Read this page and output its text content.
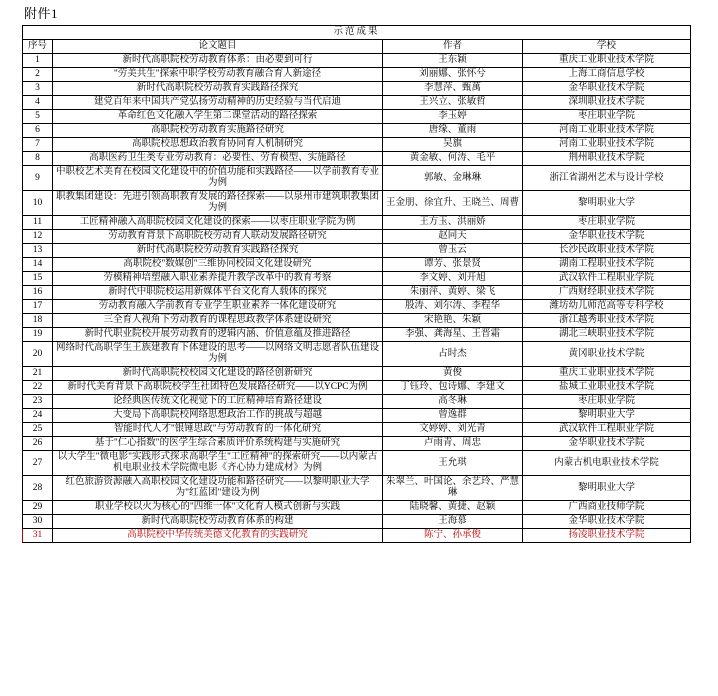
附件1
示范成果			
序号	论文题目	作者	学校
1	新时代高职院校劳动教育体系：由必要到可行	王东颖	重庆工业职业技术学院
2	"劳美共生"探索中职学校劳动教育融合育人新途径	刘丽娜、张怀兮	上海工商信息学校
3	新时代高职院校劳动教育实践路径探究	李慧萍、甄萬	金华职业技术学院
4	建党百年来中国共产党弘扬劳动精神的历史经验与当代启迪	王兴立、张敏哲	深圳职业技术学院
5	革命红色文化融入学生第二课堂活动的路径探索	李玉婷	枣庄职业学院
6	高职院校劳动教育实施路径研究	唐缘、董雨	河南工业职业技术学院
7	高职院校思想政治教育协同育人机制研究	吴旗	河南工业职业技术学院
8	高职医药卫生类专业劳动教育：必要性、劳育模型、实施路径	黄金敏、何涛、毛平	荆州职业技术学院
9	中职校艺术美育在校园文化建设中的价值功能和实践路径——以学前教育专业为例	郭敏、金琳琳	浙江省湖州艺术与设计学校
10	职教集团建设：先进引领高职教育发展的路径探索——以泉州市建筑职教集团为例	王金朋、徐宜升、王晓兰、周曹	黎明职业大学
11	工匠精神融入高职院校园文化建设的探索——以枣庄职业学院为例	王方玉、洪丽娇	枣庄职业学院
12	劳动教育背景下高职院校劳动育人联动发展路径研究	赵同天	金华职业技术学院
13	新时代高职院校劳动教育实践路径探究	曾玉云	长沙民政职业技术学院
14	高职院校"数媒创"三维协同校园文化建设研究	谭芳、张景贤	湖南工程职业技术学院
15	劳模精神培塑融入职业素养提升教学改革中的教育考察	李文婷、刘开旭	武汉软件工程职业学院
16	新时代中职院校运用新媒体平台文化育人载体的探究	朱丽萍、黄婷、梁飞	广西财经职业技术学院
17	劳动教育融入学前教育专业学生职业素养一体化建设研究	殷涛、刘尔涛、李程华	潍坊幼儿师范高等专科学校
18	三全育人视角下劳动教育的课程思政教学体系建设研究	宋艳艳、朱颖	浙江越秀职业技术学院
19	新时代职业院校开展劳动教育的逻辑内涵、价值意蕴及推进路径	李强、龚海星、王晋霜	湖北三峡职业技术学院
20	网络时代高职学生王族建教育下体建设的思考——以网络文明志愿者队伍建设为例	占时杰	黄冈职业技术学院
21	新时代高职院校校园文化建设的路径创新研究	黄俊	重庆工业职业技术学院
22	新时代美育背景下高职院校学生社团特色发展路径研究——以YCPC为例	丁钰玲、包诗娜、李建文	盐城工业职业技术学院
23	论经典医传统文化视觉下的工匠精神培育路径建设	高冬琳	枣庄职业学院
24	大变局下高职院校网络思想政治工作的挑战与超越	曾逸群	黎明职业大学
25	智能时代人才"银锤思政"与劳动教育的一体化研究	文婷婷、刘光青	武汉软件工程职业学院
26	基于"仁心指数"的医学生综合素质评价系统构建与实施研究	卢雨青、周忠	金华职业技术学院
27	以大学生"微电影"实践形式探求高职学生"工匠精神"的探索研究——以内蒙古机电职业技术学院微电影《齐心协力建成材》为例	王允琪	内蒙古机电职业技术学院
28	红色旅游资源融入高职校园文化建设功能和路径研究——以黎明职业大学为"红蓝团"建设为例	朱翠兰、叶国论、余艺玲、严慧琳	黎明职业大学
29	职业学校以火为核心的"四维一体"文化育人模式创新与实践	陆晓馨、黄捷、赵颖	广西商业技师学院
30	新时代高职院校劳动教育体系的构建	王海慕	金华职业技术学院
31	高职院校中华传统美德文化教育的实践研究	陈宁、孙承俊	扬凌职业技术学院
